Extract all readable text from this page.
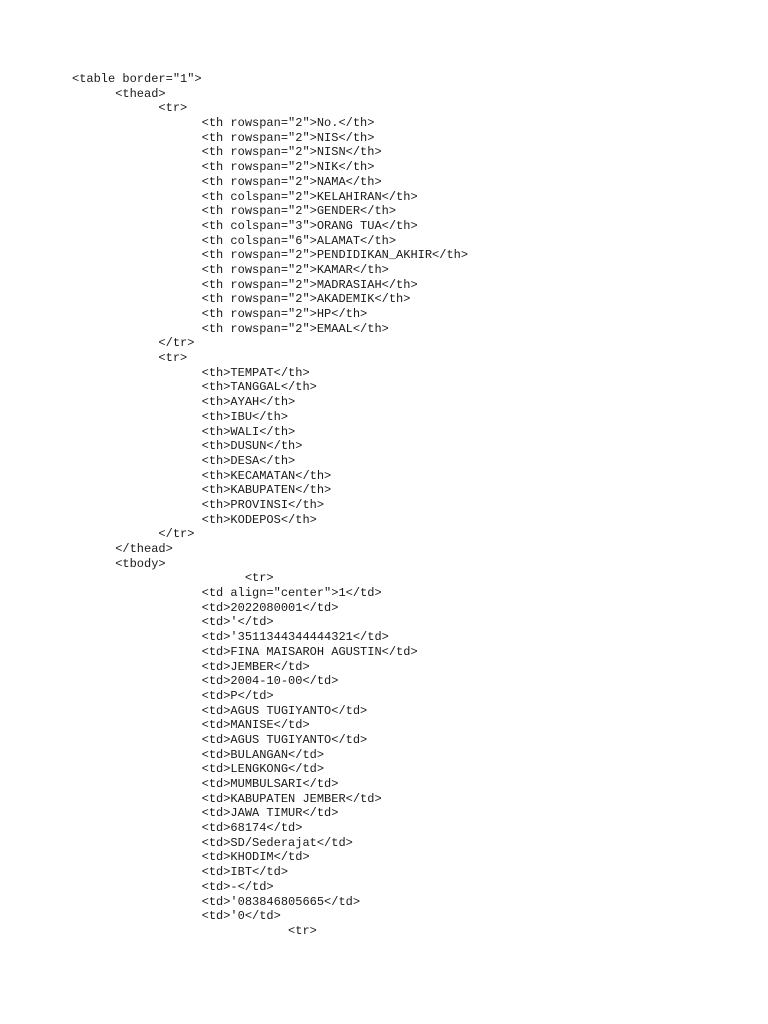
<table border="1">
<thead>
<tr>
<th rowspan="2">No.</th>
<th rowspan="2">NIS</th>
<th rowspan="2">NISN</th>
<th rowspan="2">NIK</th>
<th rowspan="2">NAMA</th>
<th colspan="2">KELAHIRAN</th>
<th rowspan="2">GENDER</th>
<th colspan="3">ORANG TUA</th>
<th colspan="6">ALAMAT</th>
<th rowspan="2">PENDIDIKAN_AKHIR</th>
<th rowspan="2">KAMAR</th>
<th rowspan="2">MADRASIAH</th>
<th rowspan="2">AKADEMIK</th>
<th rowspan="2">HP</th>
<th rowspan="2">EMAAL</th>
</tr>
<tr>
<th>TEMPAT</th>
<th>TANGGAL</th>
<th>AYAH</th>
<th>IBU</th>
<th>WALI</th>
<th>DUSUN</th>
<th>DESA</th>
<th>KECAMATAN</th>
<th>KABUPATEN</th>
<th>PROVINSI</th>
<th>KODEPOS</th>
</tr>
</thead>
<tbody>
<tr>
<td align="center">1</td>
<td>2022080001</td>
<td>'</td>
<td>'3511344344444321</td>
<td>FINA MAISAROH AGUSTIN</td>
<td>JEMBER</td>
<td>2004-10-00</td>
<td>P</td>
<td>AGUS TUGIYANTO</td>
<td>MANISE</td>
<td>AGUS TUGIYANTO</td>
<td>BULANGAN</td>
<td>LENGKONG</td>
<td>MUMBULSARI</td>
<td>KABUPATEN JEMBER</td>
<td>JAWA TIMUR</td>
<td>68174</td>
<td>SD/Sederajat</td>
<td>KHODIM</td>
<td>IBT</td>
<td>-</td>
<td>'083846805665</td>
<td>'0</td>
<tr>
